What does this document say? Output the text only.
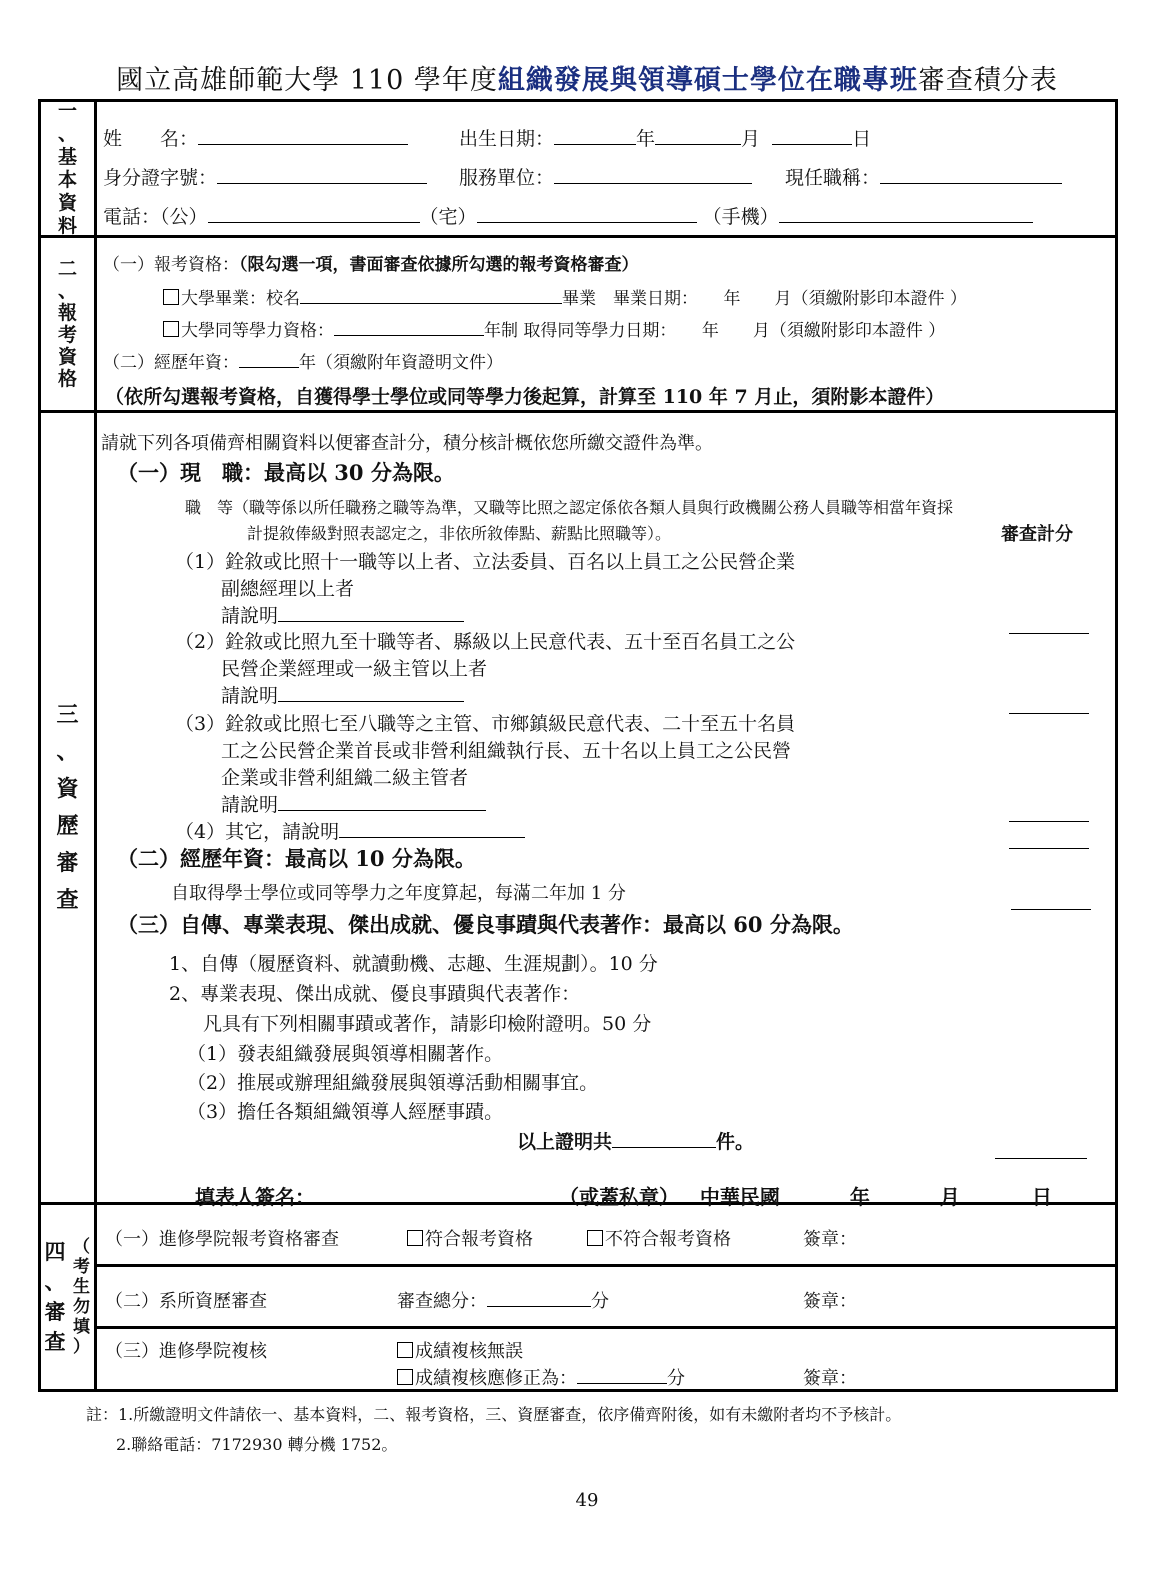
國立高雄師範大學 110 學年度組織發展與領導碩士學位在職專班審查積分表
一
、
基
本
資
料
姓　　名：	出生日期：	年	月	日
身分證字號：	服務單位：	現任職稱：
電話：（公）	（宅）	（手機）
二
、
報
考
資
格
（一）報考資格：（限勾選一項，書面審查依據所勾選的報考資格審查）
大學畢業：校名	畢業　畢業日期：　　年　　月（須繳附影印本證件 ）
大學同等學力資格：	年制 取得同等學力日期：　　年　　月（須繳附影印本證件 ）
（二）經歷年資：	年（須繳附年資證明文件）
（依所勾選報考資格，自獲得學士學位或同等學力後起算，計算至 110 年 7 月止，須附影本證件）
三
、
資
歷
審
查
請就下列各項備齊相關資料以便審查計分，積分核計概依您所繳交證件為準。
（一）現　職：最高以 30 分為限。
職　等（職等係以所任職務之職等為準，又職等比照之認定係依各類人員與行政機關公務人員職等相當年資採
計提敘俸級對照表認定之，非依所敘俸點、薪點比照職等）。	審查計分
（1）銓敘或比照十一職等以上者、立法委員、百名以上員工之公民營企業
副總經理以上者
請說明
（2）銓敘或比照九至十職等者、縣級以上民意代表、五十至百名員工之公
民營企業經理或一級主管以上者
請說明
（3）銓敘或比照七至八職等之主管、市鄉鎮級民意代表、二十至五十名員
工之公民營企業首長或非營利組織執行長、五十名以上員工之公民營
企業或非營利組織二級主管者
請說明
（4）其它，請說明
（二）經歷年資：最高以 10 分為限。
自取得學士學位或同等學力之年度算起，每滿二年加 1 分
（三）自傳、專業表現、傑出成就、優良事蹟與代表著作：最高以 60 分為限。
1、自傳（履歷資料、就讀動機、志趣、生涯規劃）。10 分
2、專業表現、傑出成就、優良事蹟與代表著作：
凡具有下列相關事蹟或著作，請影印檢附證明。50 分
（1）發表組織發展與領導相關著作。
（2）推展或辦理組織發展與領導活動相關事宜。
（3）擔任各類組織領導人經歷事蹟。
以上證明共	件。
填表人簽名：	（或蓋私章） 中華民國	年	月	日
四
、
審
查
（
考
生
勿
填
）
（一）進修學院報考資格審查	符合報考資格	不符合報考資格	簽章：
（二）系所資歷審查	審查總分：	分	簽章：
（三）進修學院複核	成績複核無誤
成績複核應修正為：	分	簽章：
註：1.所繳證明文件請依一、基本資料，二、報考資格，三、資歷審查，依序備齊附後，如有未繳附者均不予核計。
2.聯絡電話：7172930 轉分機 1752。
49
